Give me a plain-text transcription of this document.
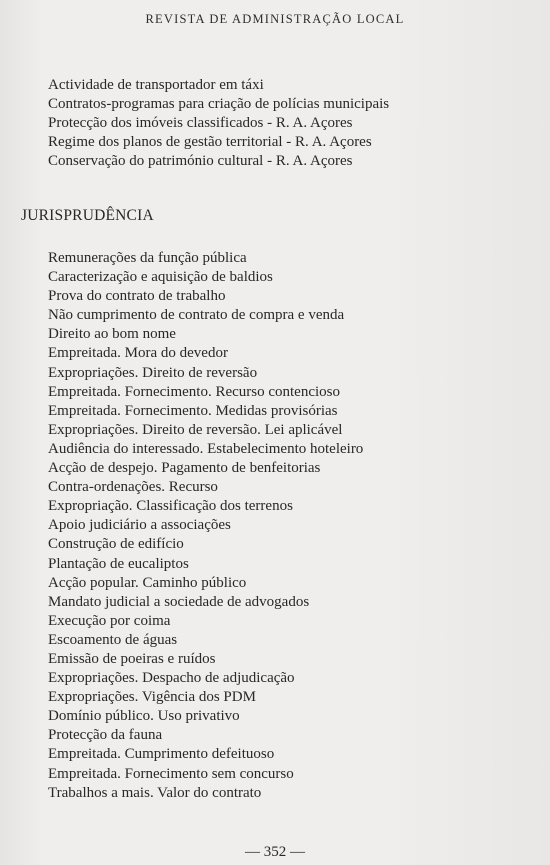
REVISTA DE ADMINISTRAÇÃO LOCAL
Actividade de transportador em táxi
Contratos-programas para criação de polícias municipais
Protecção dos imóveis classificados - R. A. Açores
Regime dos planos de gestão territorial - R. A. Açores
Conservação do património cultural - R. A. Açores
JURISPRUDÊNCIA
Remunerações da função pública
Caracterização e aquisição de baldios
Prova do contrato de trabalho
Não cumprimento de contrato de compra e venda
Direito ao bom nome
Empreitada. Mora do devedor
Expropriações. Direito de reversão
Empreitada. Fornecimento. Recurso contencioso
Empreitada. Fornecimento. Medidas provisórias
Expropriações. Direito de reversão. Lei aplicável
Audiência do interessado. Estabelecimento hoteleiro
Acção de despejo. Pagamento de benfeitorias
Contra-ordenações. Recurso
Expropriação. Classificação dos terrenos
Apoio judiciário a associações
Construção de edifício
Plantação de eucaliptos
Acção popular. Caminho público
Mandato judicial a sociedade de advogados
Execução por coima
Escoamento de águas
Emissão de poeiras e ruídos
Expropriações. Despacho de adjudicação
Expropriações. Vigência dos PDM
Domínio público. Uso privativo
Protecção da fauna
Empreitada. Cumprimento defeituoso
Empreitada. Fornecimento sem concurso
Trabalhos a mais. Valor do contrato
— 352 —
